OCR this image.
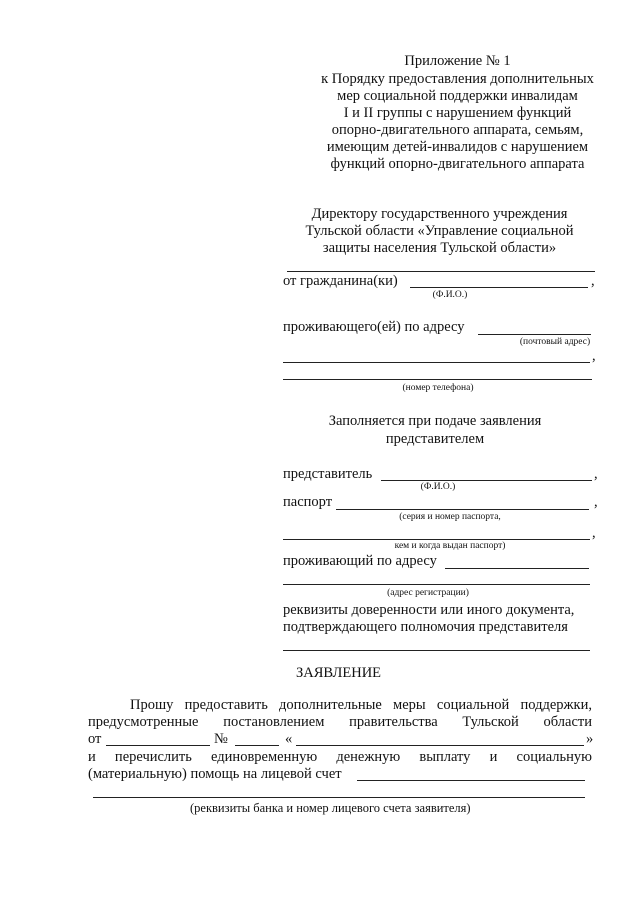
Приложение № 1
к Порядку предоставления дополнительных
мер социальной поддержки инвалидам
I и II группы с нарушением функций
опорно-двигательного аппарата, семьям,
имеющим детей-инвалидов с нарушением
функций опорно-двигательного аппарата
Директору государственного учреждения
Тульской области «Управление социальной
защиты населения Тульской области»
от гражданина(ки)	,
(Ф.И.О.)
проживающего(ей) по адресу
(почтовый адрес)
,
(номер телефона)
Заполняется при подаче заявления
представителем
представитель	,
(Ф.И.О.)
паспорт	,
(серия и номер паспорта,
,
кем и когда выдан паспорт)
проживающий по адресу
(адрес регистрации)
реквизиты доверенности или иного документа,
подтверждающего полномочия представителя
ЗАЯВЛЕНИЕ
Прошу предоставить дополнительные меры социальной поддержки,
предусмотренные постановлением правительства Тульской области
от	№	«	»
и перечислить единовременную денежную выплату и социальную
(материальную) помощь на лицевой счет
(реквизиты банка и номер лицевого счета заявителя)
